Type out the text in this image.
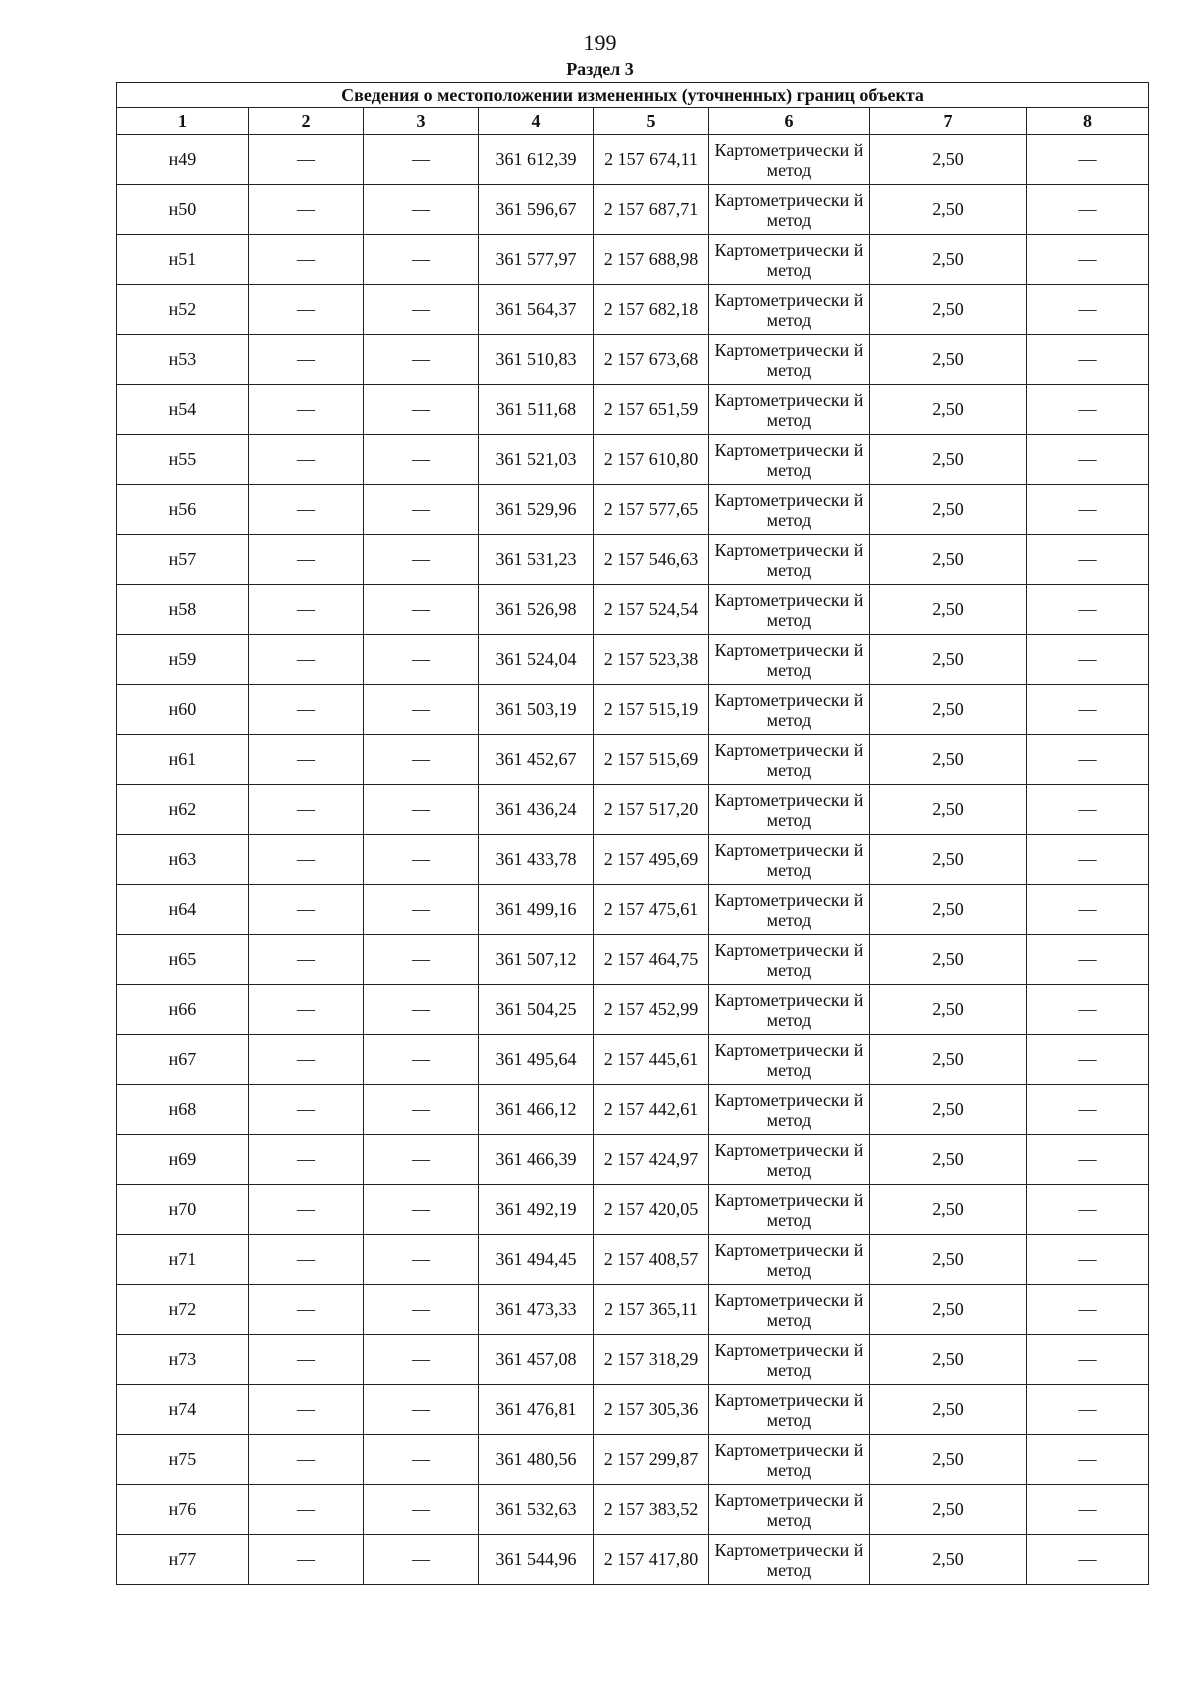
199
Раздел 3
Сведения о местоположении измененных (уточненных) границ объекта							
1	2	3	4	5	6	7	8
н49	—	—	361 612,39	2 157 674,11	Картометрически й метод	2,50	—
н50	—	—	361 596,67	2 157 687,71	Картометрически й метод	2,50	—
н51	—	—	361 577,97	2 157 688,98	Картометрически й метод	2,50	—
н52	—	—	361 564,37	2 157 682,18	Картометрически й метод	2,50	—
н53	—	—	361 510,83	2 157 673,68	Картометрически й метод	2,50	—
н54	—	—	361 511,68	2 157 651,59	Картометрически й метод	2,50	—
н55	—	—	361 521,03	2 157 610,80	Картометрически й метод	2,50	—
н56	—	—	361 529,96	2 157 577,65	Картометрически й метод	2,50	—
н57	—	—	361 531,23	2 157 546,63	Картометрически й метод	2,50	—
н58	—	—	361 526,98	2 157 524,54	Картометрически й метод	2,50	—
н59	—	—	361 524,04	2 157 523,38	Картометрически й метод	2,50	—
н60	—	—	361 503,19	2 157 515,19	Картометрически й метод	2,50	—
н61	—	—	361 452,67	2 157 515,69	Картометрически й метод	2,50	—
н62	—	—	361 436,24	2 157 517,20	Картометрически й метод	2,50	—
н63	—	—	361 433,78	2 157 495,69	Картометрически й метод	2,50	—
н64	—	—	361 499,16	2 157 475,61	Картометрически й метод	2,50	—
н65	—	—	361 507,12	2 157 464,75	Картометрически й метод	2,50	—
н66	—	—	361 504,25	2 157 452,99	Картометрически й метод	2,50	—
н67	—	—	361 495,64	2 157 445,61	Картометрически й метод	2,50	—
н68	—	—	361 466,12	2 157 442,61	Картометрически й метод	2,50	—
н69	—	—	361 466,39	2 157 424,97	Картометрически й метод	2,50	—
н70	—	—	361 492,19	2 157 420,05	Картометрически й метод	2,50	—
н71	—	—	361 494,45	2 157 408,57	Картометрически й метод	2,50	—
н72	—	—	361 473,33	2 157 365,11	Картометрически й метод	2,50	—
н73	—	—	361 457,08	2 157 318,29	Картометрически й метод	2,50	—
н74	—	—	361 476,81	2 157 305,36	Картометрически й метод	2,50	—
н75	—	—	361 480,56	2 157 299,87	Картометрически й метод	2,50	—
н76	—	—	361 532,63	2 157 383,52	Картометрически й метод	2,50	—
н77	—	—	361 544,96	2 157 417,80	Картометрически й метод	2,50	—
